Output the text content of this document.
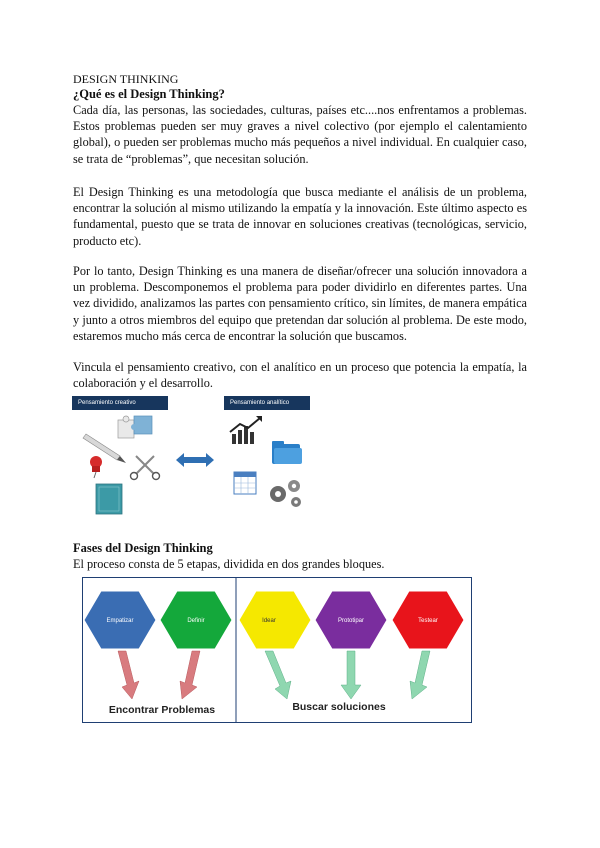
DESIGN THINKING
¿Qué es el Design Thinking?
Cada día, las personas, las sociedades, culturas, países etc....nos enfrentamos a problemas. Estos problemas pueden ser muy graves a nivel colectivo (por ejemplo el calentamiento global), o pueden ser problemas mucho más pequeños a nivel individual. En cualquier caso, se trata de “problemas”, que necesitan solución.
El Design Thinking es una metodología que busca mediante el análisis de un problema, encontrar la solución al mismo utilizando la empatía y la innovación. Este último aspecto es fundamental, puesto que se trata de innovar en soluciones creativas (tecnológicas, servicio, producto etc).
Por lo tanto, Design Thinking es una manera de diseñar/ofrecer una solución innovadora a un problema. Descomponemos el problema para poder dividirlo en diferentes partes. Una vez dividido, analizamos las partes con pensamiento crítico, sin límites, de manera empática y junto a otros miembros del equipo que pretendan dar solución al problema. De este modo, estaremos mucho más cerca de encontrar la solución que buscamos.
Vincula el pensamiento creativo, con el analítico en un proceso que potencia la empatía, la colaboración y el desarrollo.
Pensamiento creativo	Pensamiento analítico
Fases del Design Thinking
El proceso consta de 5 etapas, dividida en dos grandes bloques.
Empatizar	Definir	Idear	Prototipar	Testear
Encontrar Problemas	Buscar soluciones
